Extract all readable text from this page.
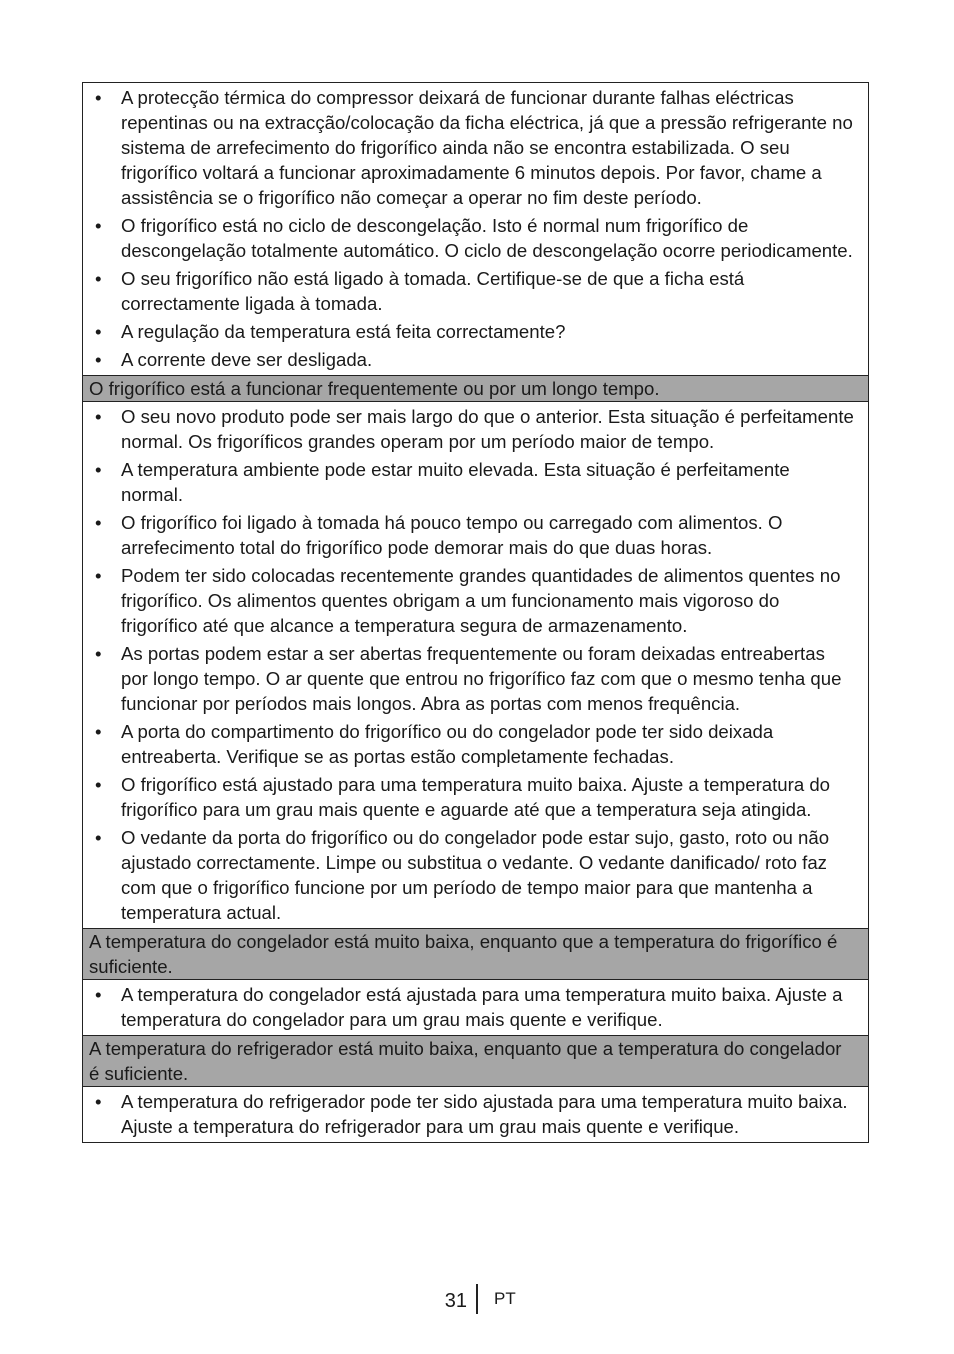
•	A protecção térmica do compressor deixará de funcionar durante falhas eléctricas repentinas ou na extracção/colocação da ficha eléctrica, já que a pressão refrigerante no sistema de arrefecimento do frigorífico ainda não se encontra estabilizada. O seu frigorífico voltará a funcionar aproximadamente 6 minutos depois. Por favor, chame a assistência se o frigorífico não começar a operar no fim deste período.
•	O frigorífico está no ciclo de descongelação. Isto é normal num frigorífico de descongelação totalmente automático. O ciclo de descongelação ocorre periodicamente.
•	O seu frigorífico não está ligado à tomada. Certifique-se de que a ficha está correctamente ligada à tomada.
•	A regulação da temperatura está feita correctamente?
•	A corrente deve ser desligada.
O frigorífico está a funcionar frequentemente ou por um longo tempo.
•	O seu novo produto pode ser mais largo do que o anterior. Esta situação é perfeitamente normal. Os frigoríficos grandes operam por um período maior de tempo.
•	A temperatura ambiente pode estar muito elevada. Esta situação é perfeitamente normal.
•	O frigorífico foi ligado à tomada há pouco tempo ou carregado com alimentos. O arrefecimento total do frigorífico pode demorar mais do que duas horas.
•	Podem ter sido colocadas recentemente grandes quantidades de alimentos quentes no frigorífico. Os alimentos quentes obrigam a um funcionamento mais vigoroso do frigorífico até que alcance a temperatura segura de armazenamento.
•	As portas podem estar a ser abertas frequentemente ou foram deixadas entreabertas por longo tempo. O ar quente que entrou no frigorífico faz com que o mesmo tenha que funcionar por períodos mais longos. Abra as portas com menos frequência.
•	A porta do compartimento do frigorífico ou do congelador pode ter sido deixada entreaberta. Verifique se as portas estão completamente fechadas.
•	O frigorífico está ajustado para uma temperatura muito baixa. Ajuste a temperatura do frigorífico para um grau mais quente e aguarde até que a temperatura seja atingida.
•	O vedante da porta do frigorífico ou do congelador pode estar sujo, gasto, roto ou não ajustado correctamente. Limpe ou substitua o vedante. O vedante danificado/ roto faz com que o frigorífico funcione por um período de tempo maior para que mantenha a temperatura actual.
A temperatura do congelador está muito baixa, enquanto que a temperatura do frigorífico é suficiente.
•	A temperatura do congelador está ajustada para uma temperatura muito baixa. Ajuste a temperatura do congelador para um grau mais quente e verifique.
A temperatura do refrigerador está muito baixa, enquanto que a temperatura do congelador é suficiente.
•	A temperatura do refrigerador pode ter sido ajustada para uma temperatura muito baixa. Ajuste a temperatura do refrigerador para um grau mais quente e verifique.
31 PT
